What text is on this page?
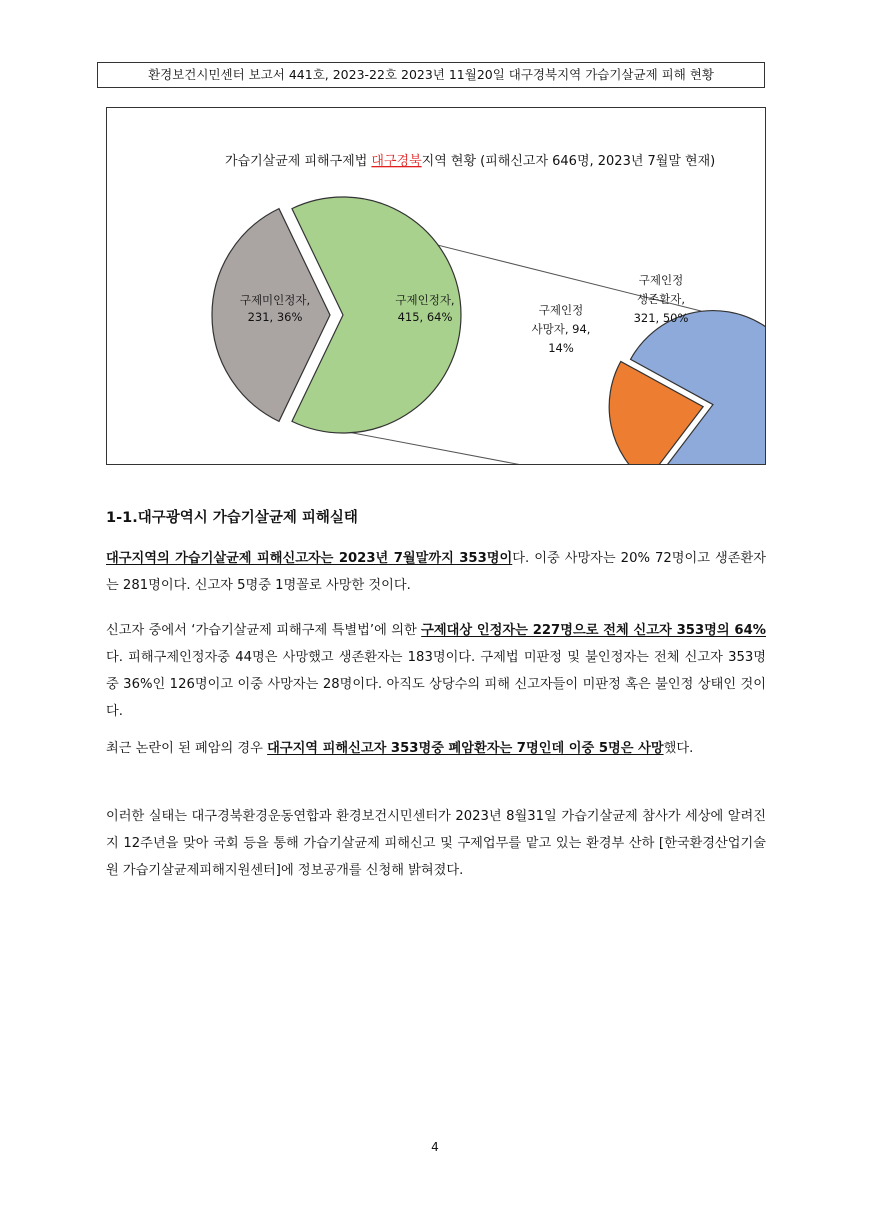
환경보건시민센터 보고서 441호, 2023-22호 2023년 11월20일 대구경북지역 가습기살균제 피해 현황
가습기살균제 피해구제법 대구경북지역 현황 (피해신고자 646명, 2023년 7월말 현재)
구제미인정자, 231, 36%
구제인정자, 415, 64%
구제인정 생존환자, 321, 50%
구제인정 사망자, 94, 14%
1-1.대구광역시 가습기살균제 피해실태

대구지역의 가습기살균제 피해신고자는 2023년 7월말까지 353명이다. 이중 사망자는 20% 72명이고 생존환자는 281명이다. 신고자 5명중 1명꼴로 사망한 것이다.

신고자 중에서 ‘가습기살균제 피해구제 특별법’에 의한 구제대상 인정자는 227명으로 전체 신고자 353명의 64%다. 피해구제인정자중 44명은 사망했고 생존환자는 183명이다. 구제법 미판정 및 불인정자는 전체 신고자 353명중 36%인 126명이고 이중 사망자는 28명이다. 아직도 상당수의 피해 신고자들이 미판정 혹은 불인정 상태인 것이다.

최근 논란이 된 폐암의 경우 대구지역 피해신고자 353명중 폐암환자는 7명인데 이중 5명은 사망했다.

이러한 실태는 대구경북환경운동연합과 환경보건시민센터가 2023년 8월31일 가습기살균제 참사가 세상에 알려진 지 12주년을 맞아 국회 등을 통해 가습기살균제 피해신고 및 구제업무를 맡고 있는 환경부 산하 [한국환경산업기술원 가습기살균제피해지원센터]에 정보공개를 신청해 밝혀졌다.

4
